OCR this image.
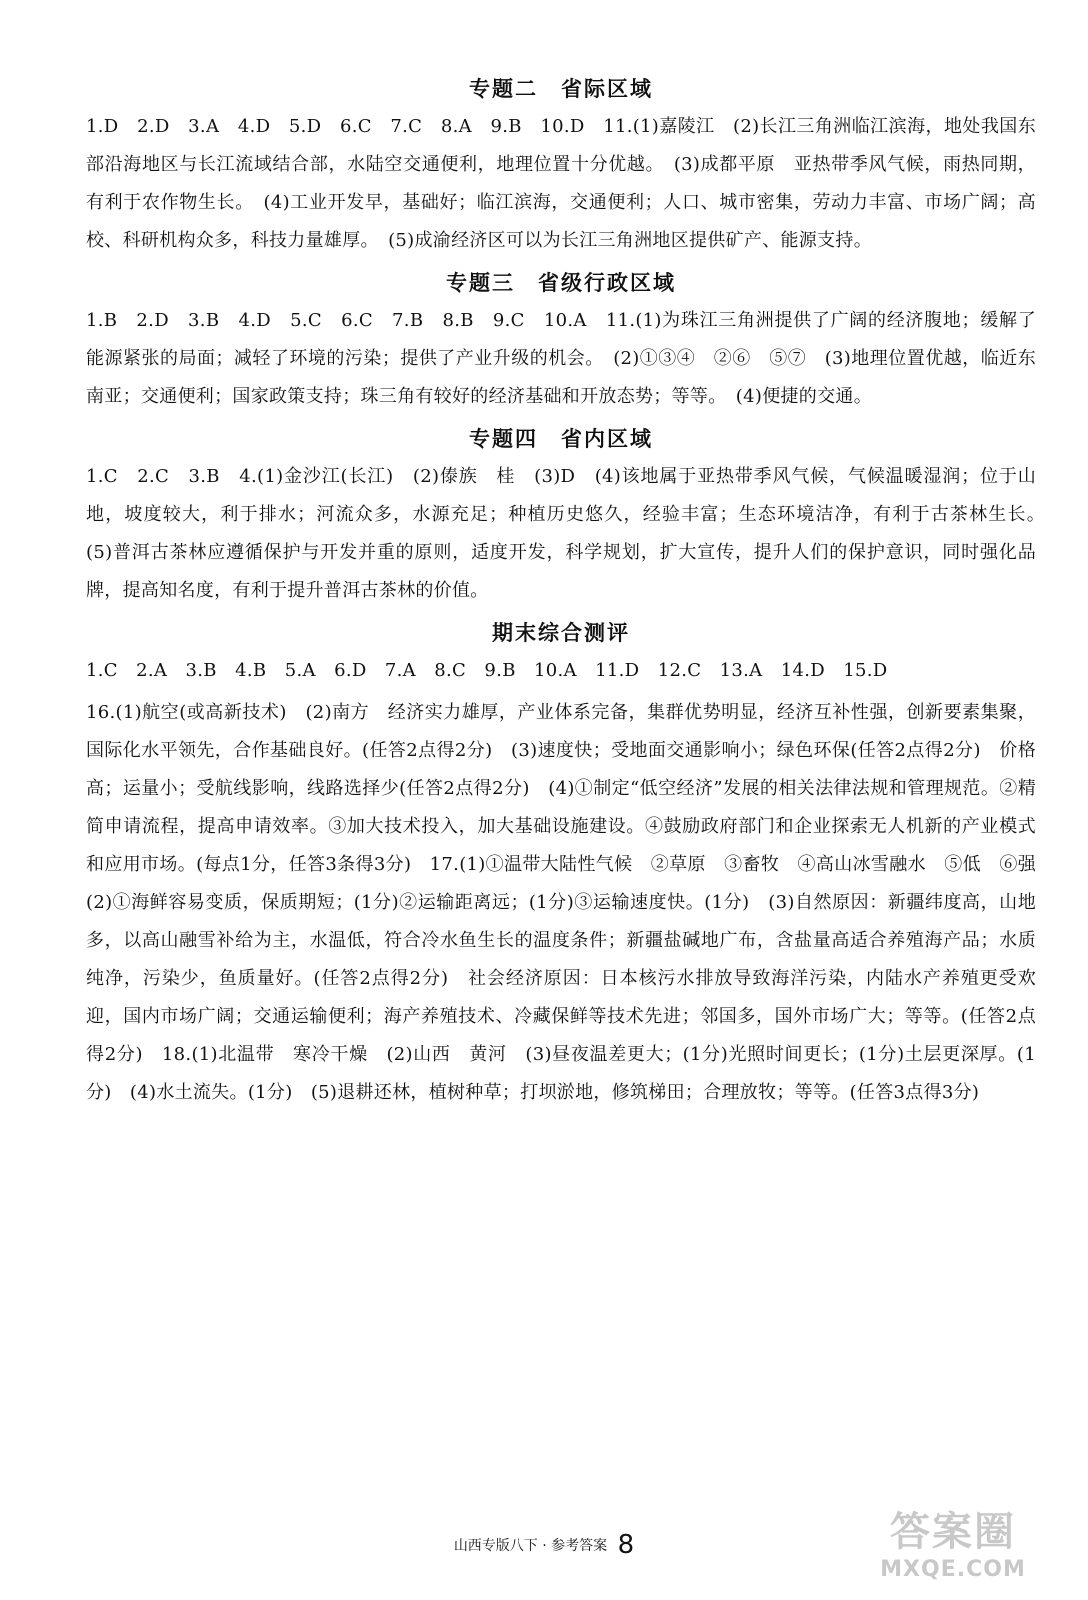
专题二　省际区域

1.D　2.D　3.A　4.D　5.D　6.C　7.C　8.A　9.B　10.D　11.(1)嘉陵江　(2)长江三角洲临江滨海，地处我国东部沿海地区与长江流域结合部，水陆空交通便利，地理位置十分优越。　(3)成都平原　亚热带季风气候，雨热同期，有利于农作物生长。　(4)工业开发早，基础好；临江滨海，交通便利；人口、城市密集，劳动力丰富、市场广阔；高校、科研机构众多，科技力量雄厚。　(5)成渝经济区可以为长江三角洲地区提供矿产、能源支持。

专题三　省级行政区域

1.B　2.D　3.B　4.D　5.C　6.C　7.B　8.B　9.C　10.A　11.(1)为珠江三角洲提供了广阔的经济腹地；缓解了能源紧张的局面；减轻了环境的污染；提供了产业升级的机会。　(2)①③④　②⑥　⑤⑦　(3)地理位置优越，临近东南亚；交通便利；国家政策支持；珠三角有较好的经济基础和开放态势；等等。　(4)便捷的交通。

专题四　省内区域

1.C　2.C　3.B　4.(1)金沙江(长江)　(2)傣族　桂　(3)D　(4)该地属于亚热带季风气候，气候温暖湿润；位于山地，坡度较大，利于排水；河流众多，水源充足；种植历史悠久，经验丰富；生态环境洁净，有利于古茶林生长。　(5)普洱古茶林应遵循保护与开发并重的原则，适度开发，科学规划，扩大宣传，提升人们的保护意识，同时强化品牌，提高知名度，有利于提升普洱古茶林的价值。

期末综合测评

1.C　2.A　3.B　4.B　5.A　6.D　7.A　8.C　9.B　10.A　11.D　12.C　13.A　14.D　15.D

16.(1)航空(或高新技术)　(2)南方　经济实力雄厚，产业体系完备，集群优势明显，经济互补性强，创新要素集聚，国际化水平领先，合作基础良好。(任答2点得2分)　(3)速度快；受地面交通影响小；绿色环保(任答2点得2分)　价格高；运量小；受航线影响，线路选择少(任答2点得2分)　(4)①制定“低空经济”发展的相关法律法规和管理规范。②精简申请流程，提高申请效率。③加大技术投入，加大基础设施建设。④鼓励政府部门和企业探索无人机新的产业模式和应用市场。(每点1分，任答3条得3分)　17.(1)①温带大陆性气候　②草原　③畜牧　④高山冰雪融水　⑤低　⑥强　(2)①海鲜容易变质，保质期短；(1分)②运输距离远；(1分)③运输速度快。(1分)　(3)自然原因：新疆纬度高，山地多，以高山融雪补给为主，水温低，符合冷水鱼生长的温度条件；新疆盐碱地广布，含盐量高适合养殖海产品；水质纯净，污染少，鱼质量好。(任答2点得2分)　社会经济原因：日本核污水排放导致海洋污染，内陆水产养殖更受欢迎，国内市场广阔；交通运输便利；海产养殖技术、冷藏保鲜等技术先进；邻国多，国外市场广大；等等。(任答2点得2分)　18.(1)北温带　寒冷干燥　(2)山西　黄河　(3)昼夜温差更大；(1分)光照时间更长；(1分)土层更深厚。(1分)　(4)水土流失。(1分)　(5)退耕还林，植树种草；打坝淤地，修筑梯田；合理放牧；等等。(任答3点得3分)

山西专版八下 · 参考答案 8	答案圈
MXQE.COM
